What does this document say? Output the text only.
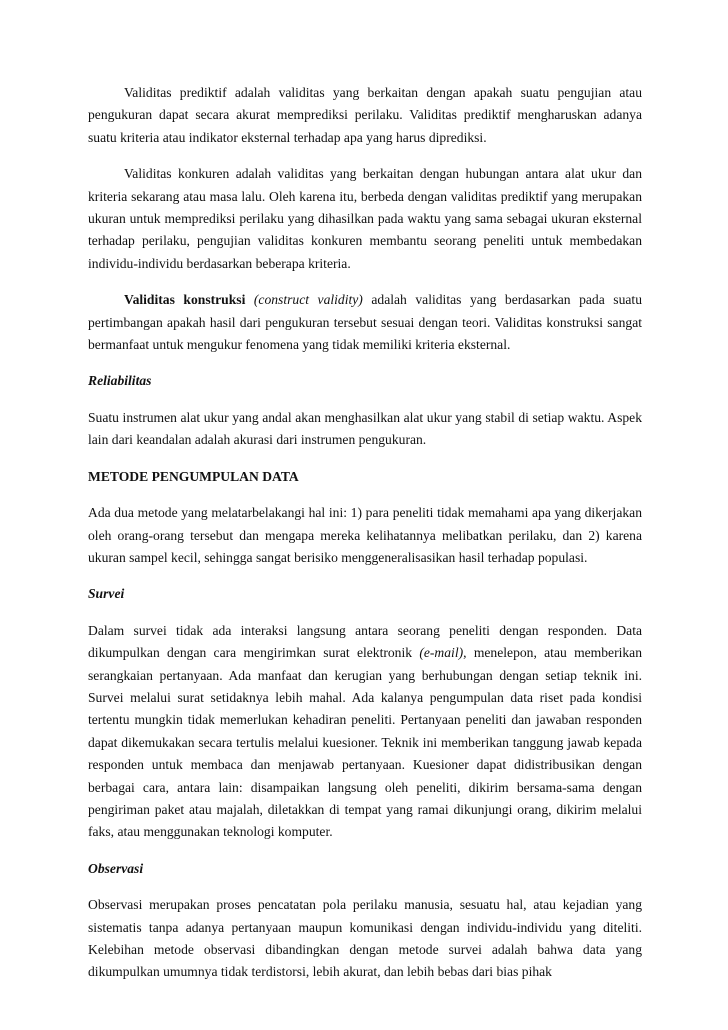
Validitas prediktif adalah validitas yang berkaitan dengan apakah suatu pengujian atau pengukuran dapat secara akurat memprediksi perilaku. Validitas prediktif mengharuskan adanya suatu kriteria atau indikator eksternal terhadap apa yang harus diprediksi.

Validitas konkuren adalah validitas yang berkaitan dengan hubungan antara alat ukur dan kriteria sekarang atau masa lalu. Oleh karena itu, berbeda dengan validitas prediktif yang merupakan ukuran untuk memprediksi perilaku yang dihasilkan pada waktu yang sama sebagai ukuran eksternal terhadap perilaku, pengujian validitas konkuren membantu seorang peneliti untuk membedakan individu-individu berdasarkan beberapa kriteria.

Validitas konstruksi (construct validity) adalah validitas yang berdasarkan pada suatu pertimbangan apakah hasil dari pengukuran tersebut sesuai dengan teori. Validitas konstruksi sangat bermanfaat untuk mengukur fenomena yang tidak memiliki kriteria eksternal.

Reliabilitas

Suatu instrumen alat ukur yang andal akan menghasilkan alat ukur yang stabil di setiap waktu. Aspek lain dari keandalan adalah akurasi dari instrumen pengukuran.

METODE PENGUMPULAN DATA

Ada dua metode yang melatarbelakangi hal ini: 1) para peneliti tidak memahami apa yang dikerjakan oleh orang-orang tersebut dan mengapa mereka kelihatannya melibatkan perilaku, dan 2) karena ukuran sampel kecil, sehingga sangat berisiko menggeneralisasikan hasil terhadap populasi.

Survei

Dalam survei tidak ada interaksi langsung antara seorang peneliti dengan responden. Data dikumpulkan dengan cara mengirimkan surat elektronik (e-mail), menelepon, atau memberikan serangkaian pertanyaan. Ada manfaat dan kerugian yang berhubungan dengan setiap teknik ini. Survei melalui surat setidaknya lebih mahal. Ada kalanya pengumpulan data riset pada kondisi tertentu mungkin tidak memerlukan kehadiran peneliti. Pertanyaan peneliti dan jawaban responden dapat dikemukakan secara tertulis melalui kuesioner. Teknik ini memberikan tanggung jawab kepada responden untuk membaca dan menjawab pertanyaan. Kuesioner dapat didistribusikan dengan berbagai cara, antara lain: disampaikan langsung oleh peneliti, dikirim bersama-sama dengan pengiriman paket atau majalah, diletakkan di tempat yang ramai dikunjungi orang, dikirim melalui faks, atau menggunakan teknologi komputer.

Observasi

Observasi merupakan proses pencatatan pola perilaku manusia, sesuatu hal, atau kejadian yang sistematis tanpa adanya pertanyaan maupun komunikasi dengan individu-individu yang diteliti. Kelebihan metode observasi dibandingkan dengan metode survei adalah bahwa data yang dikumpulkan umumnya tidak terdistorsi, lebih akurat, dan lebih bebas dari bias pihak
